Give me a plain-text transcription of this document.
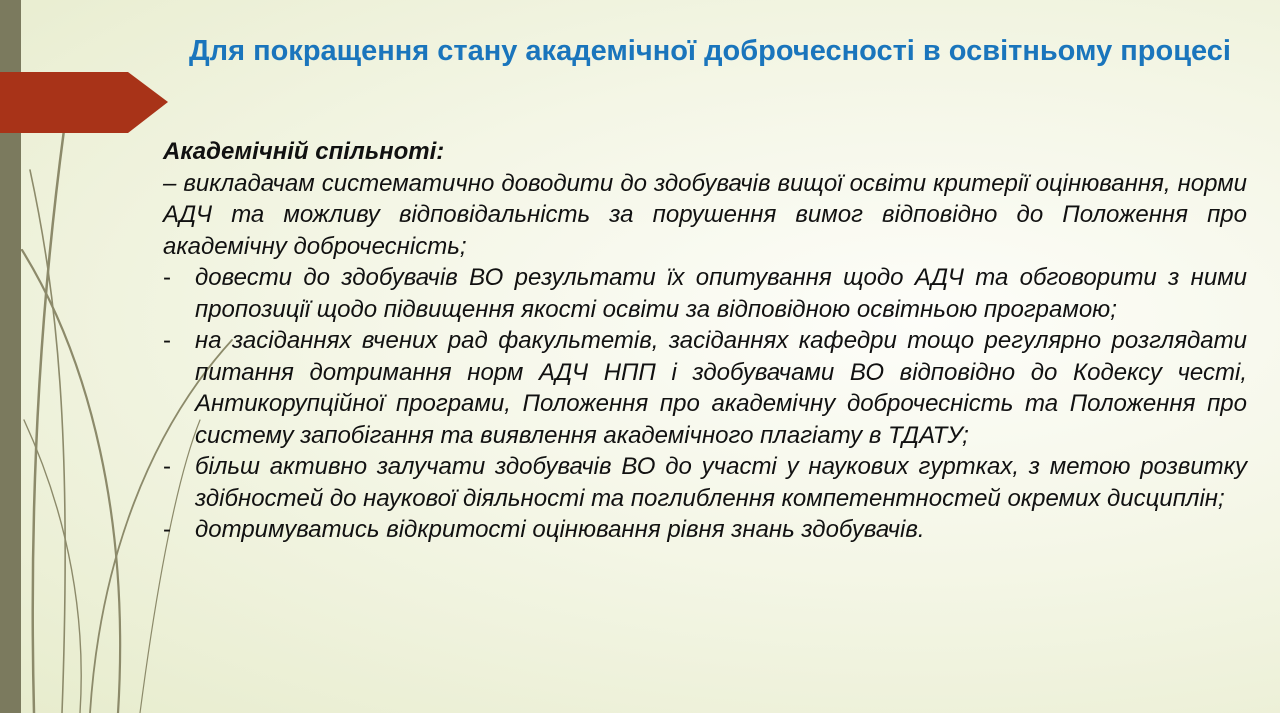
Для покращення стану академічної доброчесності в освітньому процесі

Академічній спільноті:

– викладачам систематично доводити до здобувачів вищої освіти критерії оцінювання, норми АДЧ та можливу відповідальність за порушення вимог відповідно до Положення про академічну доброчесність;

- довести до здобувачів ВО результати їх опитування щодо АДЧ та обговорити з ними пропозиції щодо підвищення якості освіти за відповідною освітньою програмою;
- на засіданнях вчених рад факультетів, засіданнях кафедри тощо регулярно розглядати питання дотримання норм АДЧ НПП і здобувачами ВО відповідно до Кодексу честі, Антикорупційної програми, Положення про академічну доброчесність та Положення про систему запобігання та виявлення академічного плагіату в ТДАТУ;
- більш активно залучати здобувачів ВО до участі у наукових гуртках, з метою розвитку здібностей до наукової діяльності та поглиблення компетентностей окремих дисциплін;
- дотримуватись відкритості оцінювання рівня знань здобувачів.
